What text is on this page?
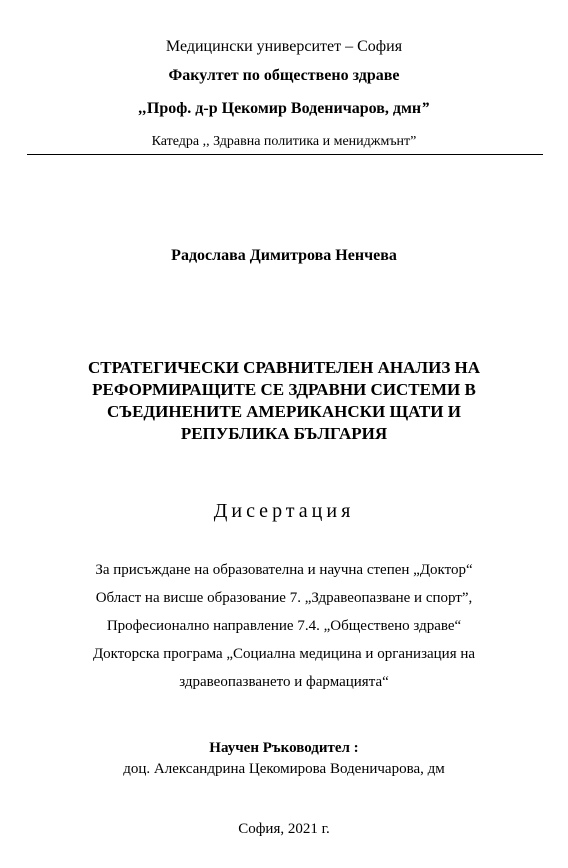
Медицински университет – София
Факултет по обществено здраве
,,Проф. д-р Цекомир Воденичаров, дмн”
Катедра ,, Здравна политика и мениджмънт”
Радослава Димитрова Ненчева
СТРАТЕГИЧЕСКИ СРАВНИТЕЛЕН АНАЛИЗ НА
РЕФОРМИРАЩИТЕ СЕ ЗДРАВНИ СИСТЕМИ В
СЪЕДИНЕНИТЕ АМЕРИКАНСКИ ЩАТИ И
РЕПУБЛИКА БЪЛГАРИЯ
Дисертация
За присъждане на образователна и научна степен „Доктор“
Област на висше образование 7. „Здравеопазване и спорт”,
Професионално направление 7.4. „Обществено здраве“
Докторска програма „Социална медицина и организация на
здравеопазването и фармацията“
Научен Ръководител :
доц. Александрина Цекомирова Воденичарова, дм
София, 2021 г.
